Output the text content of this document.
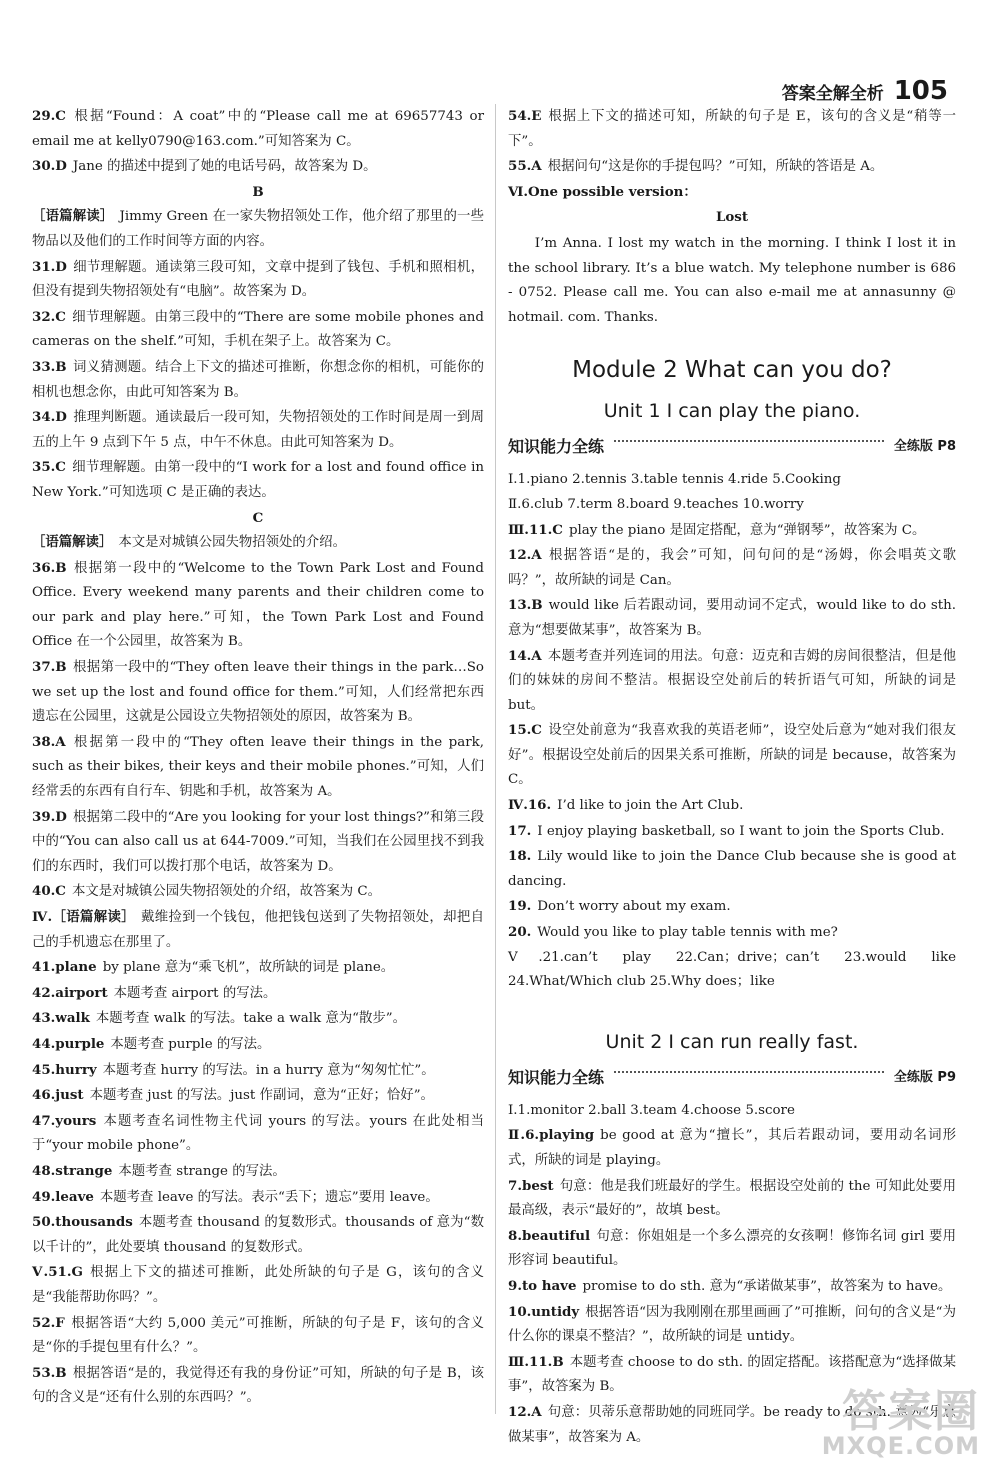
答案全解全析 105
29.C 根据“Found：A coat”中的“Please call me at 69657743 or email me at kelly0790@163.com.”可知答案为 C。
30.D Jane 的描述中提到了她的电话号码，故答案为 D。
B
［语篇解读］ Jimmy Green 在一家失物招领处工作，他介绍了那里的一些物品以及他们的工作时间等方面的内容。
31.D 细节理解题。通读第三段可知，文章中提到了钱包、手机和照相机，但没有提到失物招领处有“电脑”。故答案为 D。
32.C 细节理解题。由第三段中的“There are some mobile phones and cameras on the shelf.”可知，手机在架子上。故答案为 C。
33.B 词义猜测题。结合上下文的描述可推断，你想念你的相机，可能你的相机也想念你，由此可知答案为 B。
34.D 推理判断题。通读最后一段可知，失物招领处的工作时间是周一到周五的上午 9 点到下午 5 点，中午不休息。由此可知答案为 D。
35.C 细节理解题。由第一段中的“I work for a lost and found office in New York.”可知选项 C 是正确的表达。
C
［语篇解读］ 本文是对城镇公园失物招领处的介绍。
36.B 根据第一段中的“Welcome to the Town Park Lost and Found Office. Every weekend many parents and their children come to our park and play here.”可知，the Town Park Lost and Found Office 在一个公园里，故答案为 B。
37.B 根据第一段中的“They often leave their things in the park…So we set up the lost and found office for them.”可知，人们经常把东西遗忘在公园里，这就是公园设立失物招领处的原因，故答案为 B。
38.A 根据第一段中的“They often leave their things in the park, such as their bikes, their keys and their mobile phones.”可知，人们经常丢的东西有自行车、钥匙和手机，故答案为 A。
39.D 根据第二段中的“Are you looking for your lost things?”和第三段中的“You can also call us at 644-7009.”可知，当我们在公园里找不到我们的东西时，我们可以拨打那个电话，故答案为 D。
40.C 本文是对城镇公园失物招领处的介绍，故答案为 C。
Ⅳ.［语篇解读］ 戴维捡到一个钱包，他把钱包送到了失物招领处，却把自己的手机遗忘在那里了。
41.plane by plane 意为“乘飞机”，故所缺的词是 plane。
42.airport 本题考查 airport 的写法。
43.walk 本题考查 walk 的写法。take a walk 意为“散步”。
44.purple 本题考查 purple 的写法。
45.hurry 本题考查 hurry 的写法。in a hurry 意为“匆匆忙忙”。
46.just 本题考查 just 的写法。just 作副词，意为“正好；恰好”。
47.yours 本题考查名词性物主代词 yours 的写法。yours 在此处相当于“your mobile phone”。
48.strange 本题考查 strange 的写法。
49.leave 本题考查 leave 的写法。表示“丢下；遗忘”要用 leave。
50.thousands 本题考查 thousand 的复数形式。thousands of 意为“数以千计的”，此处要填 thousand 的复数形式。
Ⅴ.51.G 根据上下文的描述可推断，此处所缺的句子是 G，该句的含义是“我能帮助你吗？”。
52.F 根据答语“大约 5,000 美元”可推断，所缺的句子是 F，该句的含义是“你的手提包里有什么？”。
53.B 根据答语“是的，我觉得还有我的身份证”可知，所缺的句子是 B，该句的含义是“还有什么别的东西吗？”。
54.E 根据上下文的描述可知，所缺的句子是 E，该句的含义是“稍等一下”。
55.A 根据问句“这是你的手提包吗？”可知，所缺的答语是 A。
Ⅵ.One possible version：
Lost
I’m Anna. I lost my watch in the morning. I think I lost it in the school library. It’s a blue watch. My telephone number is 686 - 0752. Please call me. You can also e-mail me at annasunny @ hotmail. com. Thanks.
Module 2 What can you do?
Unit 1 I can play the piano.
知识能力全练	全练版 P8
Ⅰ.1.piano 2.tennis 3.table tennis 4.ride 5.Cooking
Ⅱ.6.club 7.term 8.board 9.teaches 10.worry
Ⅲ.11.C play the piano 是固定搭配，意为“弹钢琴”，故答案为 C。
12.A 根据答语“是的，我会”可知，问句问的是“汤姆，你会唱英文歌吗？”，故所缺的词是 Can。
13.B would like 后若跟动词，要用动词不定式，would like to do sth. 意为“想要做某事”，故答案为 B。
14.A 本题考查并列连词的用法。句意：迈克和吉姆的房间很整洁，但是他们的妹妹的房间不整洁。根据设空处前后的转折语气可知，所缺的词是 but。
15.C 设空处前意为“我喜欢我的英语老师”，设空处后意为“她对我们很友好”。根据设空处前后的因果关系可推断，所缺的词是 because，故答案为 C。
Ⅳ.16. I’d like to join the Art Club.
17. I enjoy playing basketball, so I want to join the Sports Club.
18. Lily would like to join the Dance Club because she is good at dancing.
19. Don’t worry about my exam.
20. Would you like to play table tennis with me?
Ⅴ.21.can’t play 22.Can；drive；can’t 23.would like 24.What/Which club 25.Why does；like
Unit 2 I can run really fast.
知识能力全练	全练版 P9
Ⅰ.1.monitor 2.ball 3.team 4.choose 5.score
Ⅱ.6.playing be good at 意为“擅长”，其后若跟动词，要用动名词形式，所缺的词是 playing。
7.best 句意：他是我们班最好的学生。根据设空处前的 the 可知此处要用最高级，表示“最好的”，故填 best。
8.beautiful 句意：你姐姐是一个多么漂亮的女孩啊！修饰名词 girl 要用形容词 beautiful。
9.to have promise to do sth. 意为“承诺做某事”，故答案为 to have。
10.untidy 根据答语“因为我刚刚在那里画画了”可推断，问句的含义是“为什么你的课桌不整洁？”，故所缺的词是 untidy。
Ⅲ.11.B 本题考查 choose to do sth. 的固定搭配。该搭配意为“选择做某事”，故答案为 B。
12.A 句意：贝蒂乐意帮助她的同班同学。be ready to do sth. 意为“乐意做某事”，故答案为 A。
答案圈
MXQE.COM
